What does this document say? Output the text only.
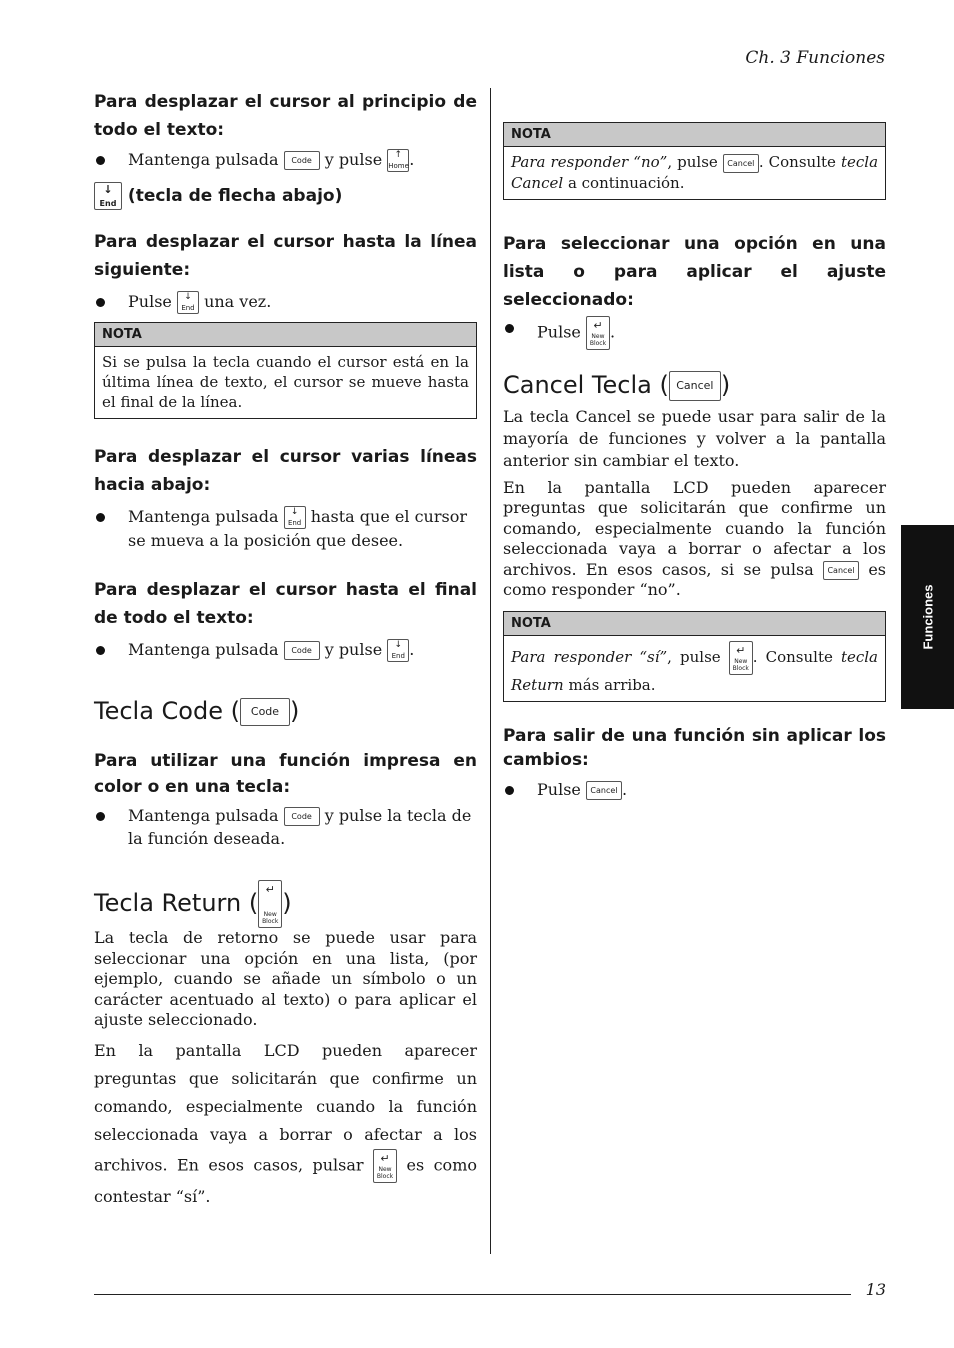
Ch. 3 Funciones
13
Funciones

Para desplazar el cursor al principio de todo el texto:

Mantenga pulsada Code y pulse	↑
Home .

↓
End (tecla de flecha abajo)

Para desplazar el cursor hasta la línea siguiente:

Pulse	↓
End una vez.

NOTA
Si se pulsa la tecla cuando el cursor está en la última línea de texto, el cursor se mueve hasta el final de la línea.

Para desplazar el cursor varias líneas hacia abajo:

Mantenga pulsada	↓
End hasta que el cursor se mueva a la posición que desee.

Para desplazar el cursor hasta el final de todo el texto:

Mantenga pulsada Code y pulse	↓
End .

Tecla Code ( Code )

Para utilizar una función impresa en color o en una tecla:

Mantenga pulsada Code y pulse la tecla de la función deseada.

Tecla Return ( ↵
New
Block
)

La tecla de retorno se puede usar para seleccionar una opción en una lista, (por ejemplo, cuando se añade un símbolo o un carácter acentuado al texto) o para aplicar el ajuste seleccionado.

En la pantalla LCD pueden aparecer preguntas que solicitarán que confirme un comando, especialmente cuando la función seleccionada vaya a borrar o afectar a los archivos. En esos casos, pulsar	↵
New
Block
es como contestar “sí”.

NOTA
Para responder “no”, pulse Cancel . Consulte tecla Cancel a continuación.

Para seleccionar una opción en una lista o para aplicar el ajuste seleccionado:

Pulse	↵
New
Block
.

Cancel Tecla ( Cancel )

La tecla Cancel se puede usar para salir de la mayoría de funciones y volver a la pantalla anterior sin cambiar el texto.

En la pantalla LCD pueden aparecer preguntas que solicitarán que confirme un comando, especialmente cuando la función seleccionada vaya a borrar o afectar a los archivos. En esos casos, si se pulsa Cancel es como responder “no”.

NOTA
Para responder “sí”, pulse	↵
New
Block
. Consulte tecla Return más arriba.

Para salir de una función sin aplicar los cambios:

Pulse Cancel .
